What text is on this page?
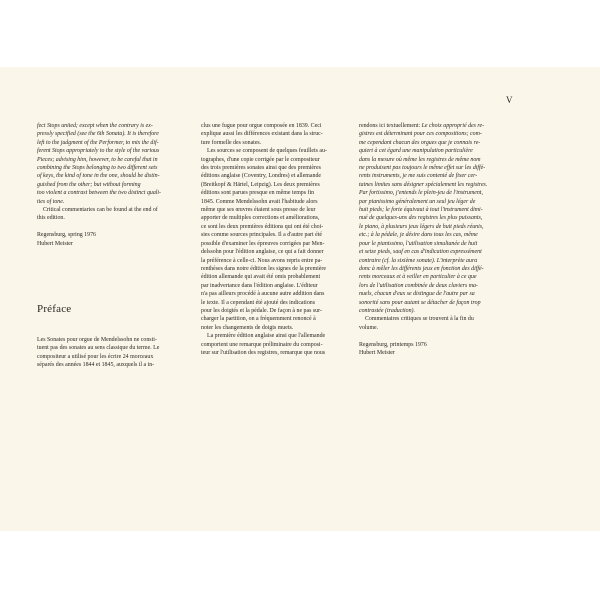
V

fect Stops united; except when the contrary is ex-

pressly specified (see the 6th Sonata). It is therefore

left to the judgment of the Performer, to mix the dif-

ferent Stops appropriately to the style of the various

Pieces; advising him, however, to be careful that in

combining the Stops belonging to two different sets

of keys, the kind of tone in the one, should be distin-

guished from the other; but without forming

too violent a contrast between the two distinct quali-

ties of tone.

Critical commentaries can be found at the end of

this edition.

Regensburg, spring 1976

Hubert Meister

Préface

Les Sonates pour orgue de Mendelssohn ne consti-

tuent pas des sonates au sens classique du terme. Le

compositeur a utilisé pour les écrire 24 morceaux

séparés des années 1844 et 1845, auxquels il a in-

clus une fugue pour orgue composée en 1839. Ceci

explique aussi les différences existant dans la struc-

ture formelle des sonates.

Les sources se composent de quelques feuillets au-

tographes, d'une copie corrigée par le compositeur

des trois premières sonates ainsi que des premières

éditions anglaise (Coventry, Londres) et allemande

(Breitkopf & Härtel, Leipzig). Les deux premières

éditions sont parues presque en même temps fin

1845. Comme Mendelssohn avait l'habitude alors

même que ses œuvres étaient sous presse de leur

apporter de multiples corrections et améliorations,

ce sont les deux premières éditions qui ont été choi-

sies comme sources principales. Il a d'autre part été

possible d'examiner les épreuves corrigées par Men-

delssohn pour l'édition anglaise, ce qui a fait donner

la préférence à celle-ci. Nous avons repris entre pa-

renthèses dans notre édition les signes de la première

édition allemande qui avait été omis probablement

par inadvertance dans l'édition anglaise. L'éditeur

n'a pas ailleurs procédé à aucune autre addition dans

le texte. Il a cependant été ajouté des indications

pour les doigtés et la pédale. De façon à ne pas sur-

charger la partition, on a fréquemment renoncé à

noter les changements de doigts muets.

La première édition anglaise ainsi que l'allemande

comportent une remarque préliminaire du composi-

teur sur l'utilisation des registres, remarque que nous

rendons ici textuellement: Le choix approprié des re-

gistres est déterminant pour ces compositions; com-

me cependant chacun des orgues que je connais re-

quiert à cet égard une manipulation particulière

dans la mesure où même les registres de même nom

ne produisent pas toujours le même effet sur les diffé-

rents instruments, je me suis contenté de fixer cer-

taines limites sans désigner spécialement les registres.

Par fortissimo, j'entends le plein-jeu de l'instrument,

par pianissimo généralement un seul jeu léger de

huit pieds; le forte équivaut à tout l'instrument dimi-

nué de quelques-uns des registres les plus puissants,

le piano, à plusieurs jeux légers de huit pieds réunis,

etc.; à la pédale, je désire dans tous les cas, même

pour le pianissimo, l'utilisation simultanée de huit

et seize pieds, sauf en cas d'indication expressément

contraire (cf. la sixième sonate). L'interprète aura

donc à mêler les différents jeux en fonction des diffé-

rents morceaux et à veiller en particulier à ce que

lors de l'utilisation combinée de deux claviers ma-

nuels, chacun d'eux se distingue de l'autre par sa

sonorité sans pour autant se détacher de façon trop

contrastée (traduction).

Commentaires critiques se trouvent à la fin du

volume.

Regensburg, printemps 1976

Hubert Meister
